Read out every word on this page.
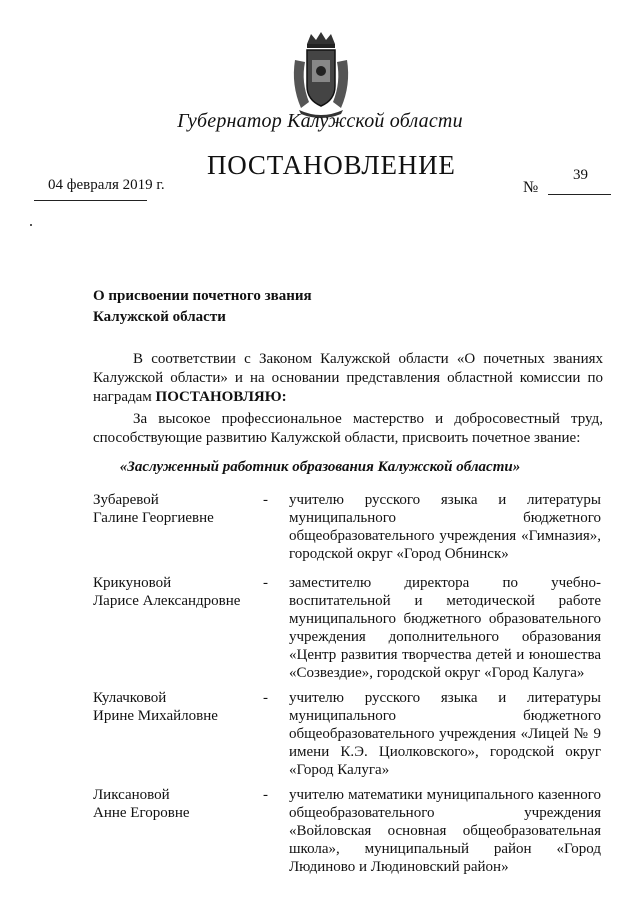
Губернатор Калужской области
ПОСТАНОВЛЕНИЕ
04 февраля 2019 г.
39
№
О присвоении почетного звания
Калужской области
В соответствии с Законом Калужской области «О почетных званиях Калужской области» и на основании представления областной комиссии по наградам ПОСТАНОВЛЯЮ:
За высокое профессиональное мастерство и добросовестный труд, способствующие развитию Калужской области, присвоить почетное звание:
«Заслуженный работник образования Калужской области»
Зубаревой
Галине Георгиевне
- учителю русского языка и литературы муниципального бюджетного общеобразовательного учреждения «Гимназия», городской округ «Город Обнинск»
Крикуновой
Ларисе Александровне
- заместителю директора по учебно-воспитательной и методической работе муниципального бюджетного образовательного учреждения дополнительного образования «Центр развития творчества детей и юношества «Созвездие», городской округ «Город Калуга»
Кулачковой
Ирине Михайловне
- учителю русского языка и литературы муниципального бюджетного общеобразовательного учреждения «Лицей № 9 имени К.Э. Циолковского», городской округ «Город Калуга»
Ликсановой
Анне Егоровне
- учителю математики муниципального казенного общеобразовательного учреждения «Войловская основная общеобразовательная школа», муниципальный район «Город Людиново и Людиновский район»
